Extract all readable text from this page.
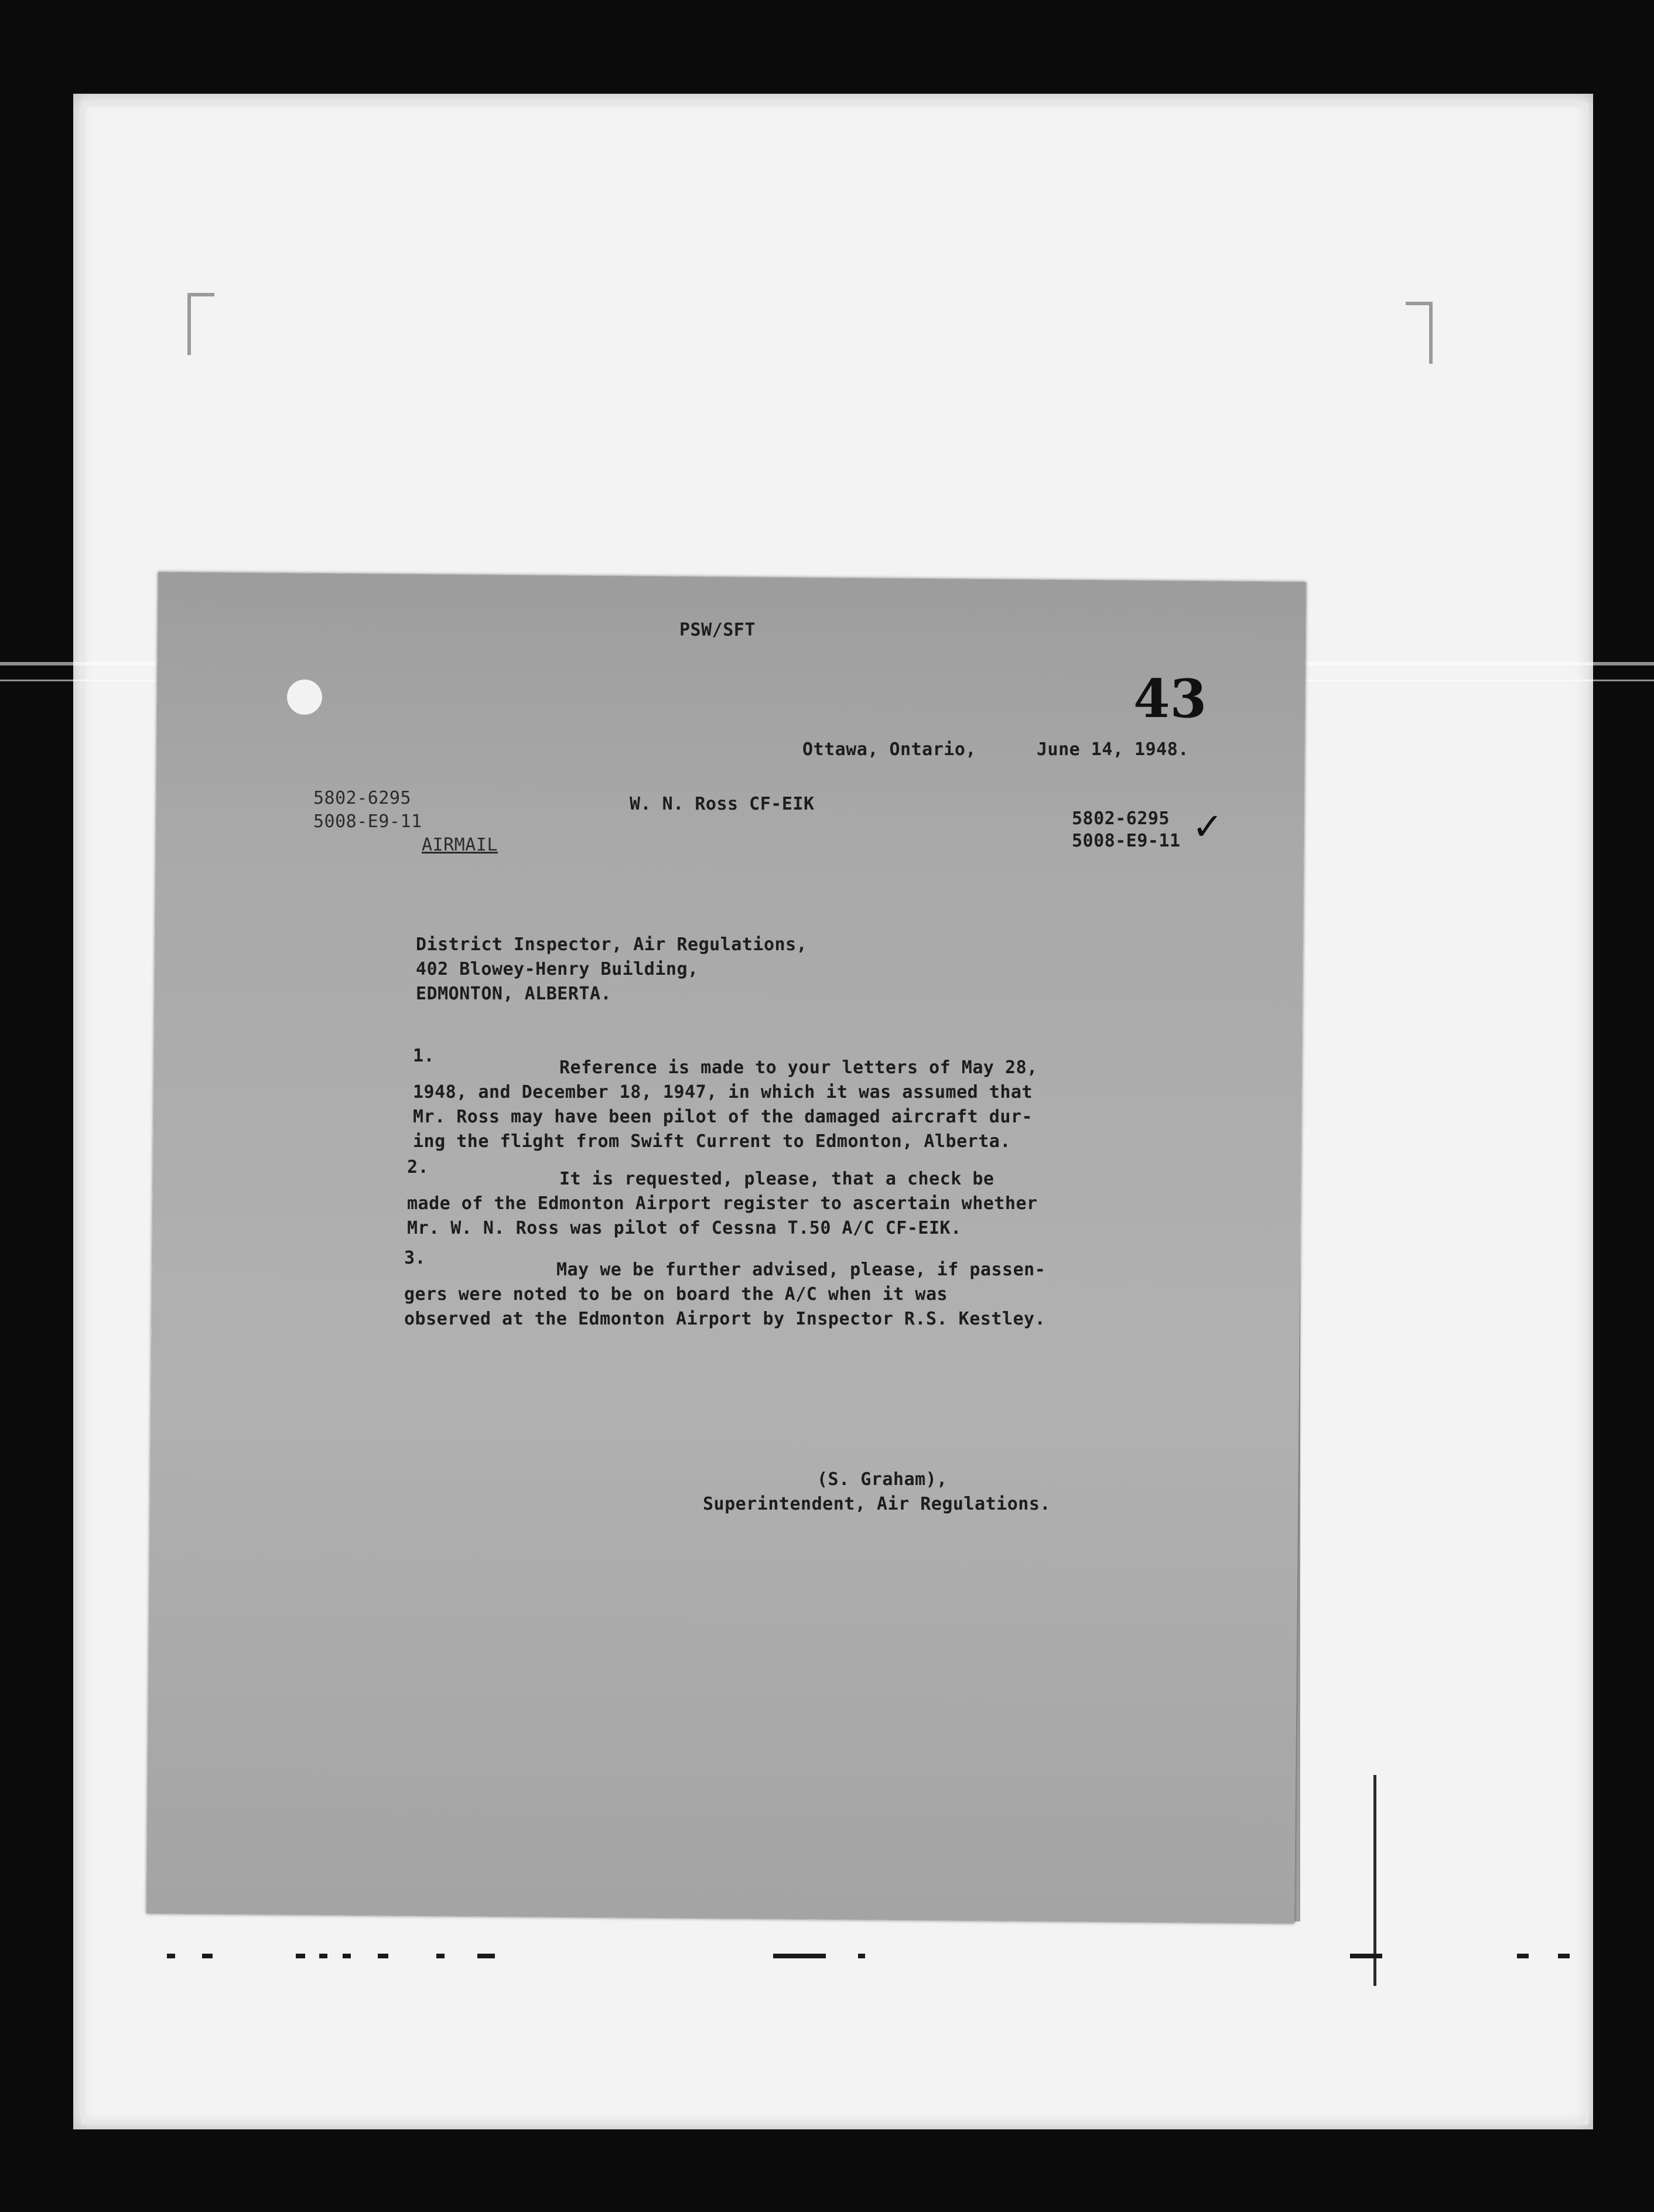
PSW/SFT
43
Ottawa, Ontario,	June 14, 1948.
5802-6295
5008-E9-11
W. N. Ross CF-EIK
5802-6295
5008-E9-11 ✓
AIRMAIL
District Inspector, Air Regulations,
402 Blowey-Henry Building,
EDMONTON, ALBERTA.
1.
Reference is made to your letters of May 28,
1948, and December 18, 1947, in which it was assumed that
Mr. Ross may have been pilot of the damaged aircraft dur-
ing the flight from Swift Current to Edmonton, Alberta.
2.
It is requested, please, that a check be
made of the Edmonton Airport register to ascertain whether
Mr. W. N. Ross was pilot of Cessna T.50 A/C CF-EIK.
3.
May we be further advised, please, if passen-
gers were noted to be on board the A/C when it was
observed at the Edmonton Airport by Inspector R.S. Kestley.
(S. Graham),
Superintendent, Air Regulations.
